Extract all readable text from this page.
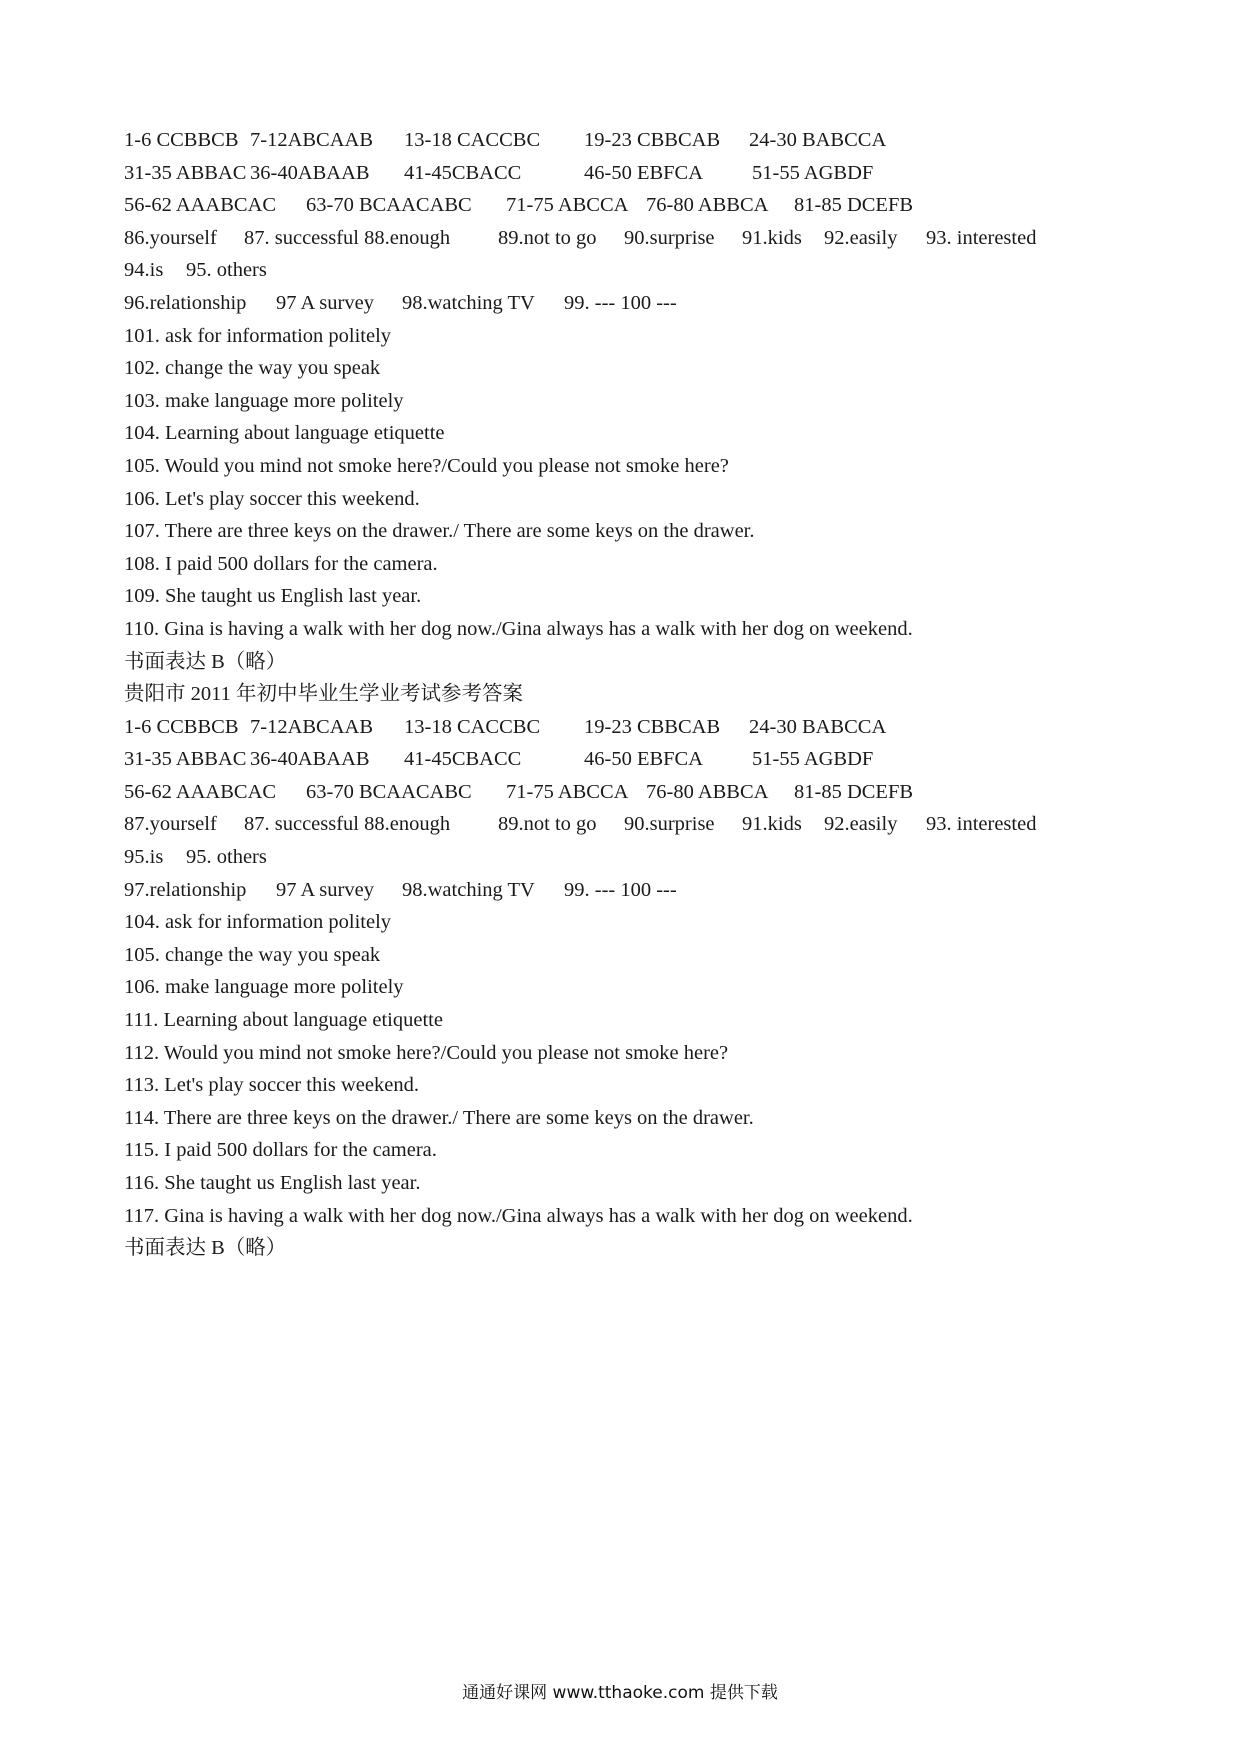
1-6 CCBBCB 7-12ABCAAB 13-18 CACCBC 19-23 CBBCAB 24-30 BABCCA
31-35 ABBAC 36-40ABAAB 41-45CBACC	46-50 EBFCA 51-55 AGBDF
56-62 AAABCAC 63-70 BCAACABC 71-75 ABCCA 76-80 ABBCA 81-85 DCEFB
86.yourself 87. successful 88.enough 89.not to go 90.surprise 91.kids 92.easily 93. interested
94.is 95. others
96.relationship 97 A survey 98.watching TV 99. --- 100 ---
101. ask for information politely
102. change the way you speak
103. make language more politely
104. Learning about language etiquette
105. Would you mind not smoke here?/Could you please not smoke here?
106. Let's play soccer this weekend.
107. There are three keys on the drawer./ There are some keys on the drawer.
108. I paid 500 dollars for the camera.
109. She taught us English last year.
110. Gina is having a walk with her dog now./Gina always has a walk with her dog on weekend.
书面表达 B（略）
贵阳市 2011 年初中毕业生学业考试参考答案
1-6 CCBBCB 7-12ABCAAB 13-18 CACCBC 19-23 CBBCAB 24-30 BABCCA
31-35 ABBAC 36-40ABAAB 41-45CBACC	46-50 EBFCA 51-55 AGBDF
56-62 AAABCAC 63-70 BCAACABC 71-75 ABCCA 76-80 ABBCA 81-85 DCEFB
87.yourself 87. successful 88.enough 89.not to go 90.surprise 91.kids 92.easily 93. interested
95.is 95. others
97.relationship 97 A survey 98.watching TV 99. --- 100 ---
104. ask for information politely
105. change the way you speak
106. make language more politely
111. Learning about language etiquette
112. Would you mind not smoke here?/Could you please not smoke here?
113. Let's play soccer this weekend.
114. There are three keys on the drawer./ There are some keys on the drawer.
115. I paid 500 dollars for the camera.
116. She taught us English last year.
117. Gina is having a walk with her dog now./Gina always has a walk with her dog on weekend.
书面表达 B（略）
通通好课网 www.tthaoke.com 提供下载
